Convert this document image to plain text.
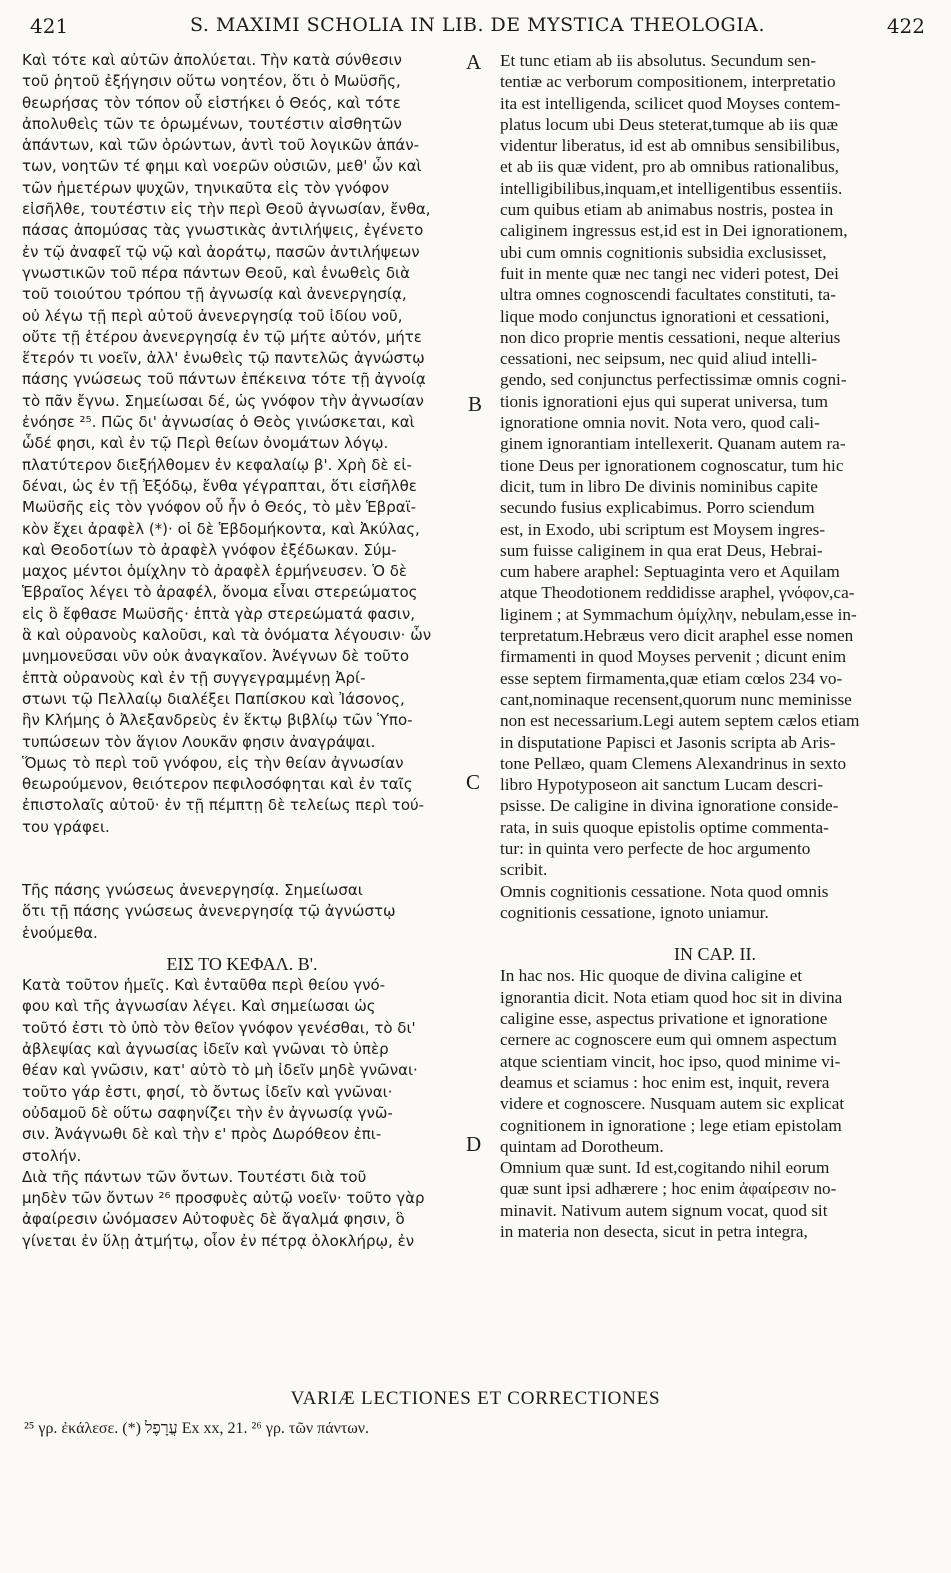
421	S. MAXIMI SCHOLIA IN LIB. DE MYSTICA THEOLOGIA.	422

Καὶ τότε καὶ αὐτῶν ἀπολύεται. Τὴν κατὰ σύνθεσιν

τοῦ ῥητοῦ ἐξήγησιν οὕτω νοητέον, ὅτι ὁ Μωϋσῆς,

θεωρήσας τὸν τόπον οὗ εἱστήκει ὁ Θεός, καὶ τότε

ἀπολυθεὶς τῶν τε ὁρωμένων, τουτέστιν αἰσθητῶν

ἁπάντων, καὶ τῶν ὁρώντων, ἀντὶ τοῦ λογικῶν ἁπάν-

των, νοητῶν τέ φημι καὶ νοερῶν οὐσιῶν, μεθ' ὧν καὶ

τῶν ἡμετέρων ψυχῶν, τηνικαῦτα εἰς τὸν γνόφον

εἰσῆλθε, τουτέστιν εἰς τὴν περὶ Θεοῦ ἀγνωσίαν, ἔνθα,

πάσας ἀπομύσας τὰς γνωστικὰς ἀντιλήψεις, ἐγένετο

ἐν τῷ ἀναφεῖ τῷ νῷ καὶ ἀοράτῳ, πασῶν ἀντιλήψεων

γνωστικῶν τοῦ πέρα πάντων Θεοῦ, καὶ ἑνωθεὶς διὰ

τοῦ τοιούτου τρόπου τῇ ἀγνωσίᾳ καὶ ἀνενεργησίᾳ,

οὐ λέγω τῇ περὶ αὐτοῦ ἀνενεργησίᾳ τοῦ ἰδίου νοῦ,

οὔτε τῇ ἑτέρου ἀνενεργησίᾳ ἐν τῷ μήτε αὐτόν, μήτε

ἕτερόν τι νοεῖν, ἀλλ' ἑνωθεὶς τῷ παντελῶς ἀγνώστῳ

πάσης γνώσεως τοῦ πάντων ἐπέκεινα τότε τῇ ἀγνοίᾳ

τὸ πᾶν ἔγνω. Σημείωσαι δέ, ὡς γνόφον τὴν ἀγνωσίαν

ἐνόησε ²⁵. Πῶς δι' ἀγνωσίας ὁ Θεὸς γινώσκεται, καὶ

ὧδέ φησι, καὶ ἐν τῷ Περὶ θείων ὀνομάτων λόγῳ.

πλατύτερον διεξήλθομεν ἐν κεφαλαίῳ β'. Χρὴ δὲ εἰ-

δέναι, ὡς ἐν τῇ Ἐξόδῳ, ἔνθα γέγραπται, ὅτι εἰσῆλθε

Μωϋσῆς εἰς τὸν γνόφον οὗ ἦν ὁ Θεός, τὸ μὲν Ἑβραϊ-

κὸν ἔχει ἀραφὲλ (*)· οἱ δὲ Ἑβδομήκοντα, καὶ Ἀκύλας,

καὶ Θεοδοτίων τὸ ἀραφὲλ γνόφον ἐξέδωκαν. Σύμ-

μαχος μέντοι ὁμίχλην τὸ ἀραφὲλ ἑρμήνευσεν. Ὁ δὲ

Ἑβραῖος λέγει τὸ ἀραφέλ, ὄνομα εἶναι στερεώματος

εἰς ὃ ἔφθασε Μωϋσῆς· ἑπτὰ γὰρ στερεώματά φασιν,

ἃ καὶ οὐρανοὺς καλοῦσι, καὶ τὰ ὀνόματα λέγουσιν· ὧν

μνημονεῦσαι νῦν οὐκ ἀναγκαῖον. Ἀνέγνων δὲ τοῦτο

ἑπτὰ οὐρανοὺς καὶ ἐν τῇ συγγεγραμμένῃ Ἀρί-

στωνι τῷ Πελλαίῳ διαλέξει Παπίσκου καὶ Ἰάσονος,

ἣν Κλήμης ὁ Ἀλεξανδρεὺς ἐν ἕκτῳ βιβλίῳ τῶν Ὑπο-

τυπώσεων τὸν ἅγιον Λουκᾶν φησιν ἀναγράψαι.

Ὅμως τὸ περὶ τοῦ γνόφου, εἰς τὴν θείαν ἀγνωσίαν

θεωρούμενον, θειότερον πεφιλοσόφηται καὶ ἐν ταῖς

ἐπιστολαῖς αὐτοῦ· ἐν τῇ πέμπτῃ δὲ τελείως περὶ τού-

του γράφει.

Τῆς πάσης γνώσεως ἀνενεργησίᾳ. Σημείωσαι

ὅτι τῇ πάσης γνώσεως ἀνενεργησίᾳ τῷ ἀγνώστῳ

ἑνούμεθα.

ΕΙΣ ΤΟ ΚΕΦΑΛ. Β'.

Κατὰ τοῦτον ἡμεῖς. Καὶ ἐνταῦθα περὶ θείου γνό-

φου καὶ τῆς ἀγνωσίαν λέγει. Καὶ σημείωσαι ὡς

τοῦτό ἐστι τὸ ὑπὸ τὸν θεῖον γνόφον γενέσθαι, τὸ δι'

ἀβλεψίας καὶ ἀγνωσίας ἰδεῖν καὶ γνῶναι τὸ ὑπὲρ

θέαν καὶ γνῶσιν, κατ' αὐτὸ τὸ μὴ ἰδεῖν μηδὲ γνῶναι·

τοῦτο γάρ ἐστι, φησί, τὸ ὄντως ἰδεῖν καὶ γνῶναι·

οὐδαμοῦ δὲ οὕτω σαφηνίζει τὴν ἐν ἀγνωσίᾳ γνῶ-

σιν. Ἀνάγνωθι δὲ καὶ τὴν ε' πρὸς Δωρόθεον ἐπι-

στολήν.

Διὰ τῆς πάντων τῶν ὄντων. Τουτέστι διὰ τοῦ

μηδὲν τῶν ὄντων ²⁶ προσφυὲς αὐτῷ νοεῖν· τοῦτο γὰρ

ἀφαίρεσιν ὠνόμασεν Αὐτοφυὲς δὲ ἄγαλμά φησιν, ὃ

γίνεται ἐν ὕλῃ ἀτμήτῳ, οἷον ἐν πέτρᾳ ὁλοκλήρῳ, ἐν

Et tunc etiam ab iis absolutus. Secundum sen-

tentiæ ac verborum compositionem, interpretatio

ita est intelligenda, scilicet quod Moyses contem-

platus locum ubi Deus steterat,tumque ab iis quæ

videntur liberatus, id est ab omnibus sensibilibus,

et ab iis quæ vident, pro ab omnibus rationalibus,

intelligibilibus,inquam,et intelligentibus essentiis.

cum quibus etiam ab animabus nostris, postea in

caliginem ingressus est,id est in Dei ignorationem,

ubi cum omnis cognitionis subsidia exclusisset,

fuit in mente quæ nec tangi nec videri potest, Dei

ultra omnes cognoscendi facultates constituti, ta-

lique modo conjunctus ignorationi et cessationi,

non dico proprie mentis cessationi, neque alterius

cessationi, nec seipsum, nec quid aliud intelli-

gendo, sed conjunctus perfectissimæ omnis cogni-

tionis ignorationi ejus qui superat universa, tum

ignoratione omnia novit. Nota vero, quod cali-

ginem ignorantiam intellexerit. Quanam autem ra-

tione Deus per ignorationem cognoscatur, tum hic

dicit, tum in libro De divinis nominibus capite

secundo fusius explicabimus. Porro sciendum

est, in Exodo, ubi scriptum est Moysem ingres-

sum fuisse caliginem in qua erat Deus, Hebrai-

cum habere araphel: Septuaginta vero et Aquilam

atque Theodotionem reddidisse araphel, γνόφον,ca-

liginem ; at Symmachum ὁμίχλην, nebulam,esse in-

terpretatum.Hebræus vero dicit araphel esse nomen

firmamenti in quod Moyses pervenit ; dicunt enim

esse septem firmamenta,quæ etiam cœlos 234 vo-

cant,nominaque recensent,quorum nunc meminisse

non est necessarium.Legi autem septem cælos etiam

in disputatione Papisci et Jasonis scripta ab Aris-

tone Pellæo, quam Clemens Alexandrinus in sexto

libro Hypotyposeon ait sanctum Lucam descri-

psisse. De caligine in divina ignoratione conside-

rata, in suis quoque epistolis optime commenta-

tur: in quinta vero perfecte de hoc argumento

scribit.

Omnis cognitionis cessatione. Nota quod omnis

cognitionis cessatione, ignoto uniamur.

IN CAP. II.

In hac nos. Hic quoque de divina caligine et

ignorantia dicit. Nota etiam quod hoc sit in divina

caligine esse, aspectus privatione et ignoratione

cernere ac cognoscere eum qui omnem aspectum

atque scientiam vincit, hoc ipso, quod minime vi-

deamus et sciamus : hoc enim est, inquit, revera

videre et cognoscere. Nusquam autem sic explicat

cognitionem in ignoratione ; lege etiam epistolam

quintam ad Dorotheum.

Omnium quæ sunt. Id est,cogitando nihil eorum

quæ sunt ipsi adhærere ; hoc enim ἀφαίρεσιν no-

minavit. Nativum autem signum vocat, quod sit

in materia non desecta, sicut in petra integra,

A
B
C
D
VARIÆ LECTIONES ET CORRECTIONES
²⁵ γρ. ἐκάλεσε. (*) עֲרָפֶל Ex xx, 21. ²⁶ γρ. τῶν πάντων.
